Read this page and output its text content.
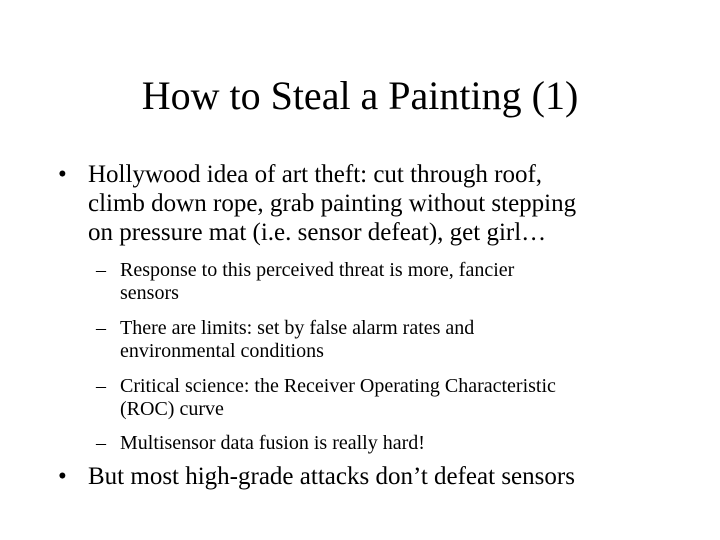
How to Steal a Painting (1)
• Hollywood idea of art theft: cut through roof,
climb down rope, grab painting without stepping
on pressure mat (i.e. sensor defeat), get girl…
– Response to this perceived threat is more, fancier
sensors
– There are limits: set by false alarm rates and
environmental conditions
– Critical science: the Receiver Operating Characteristic
(ROC) curve
– Multisensor data fusion is really hard!
• But most high-grade attacks don’t defeat sensors
